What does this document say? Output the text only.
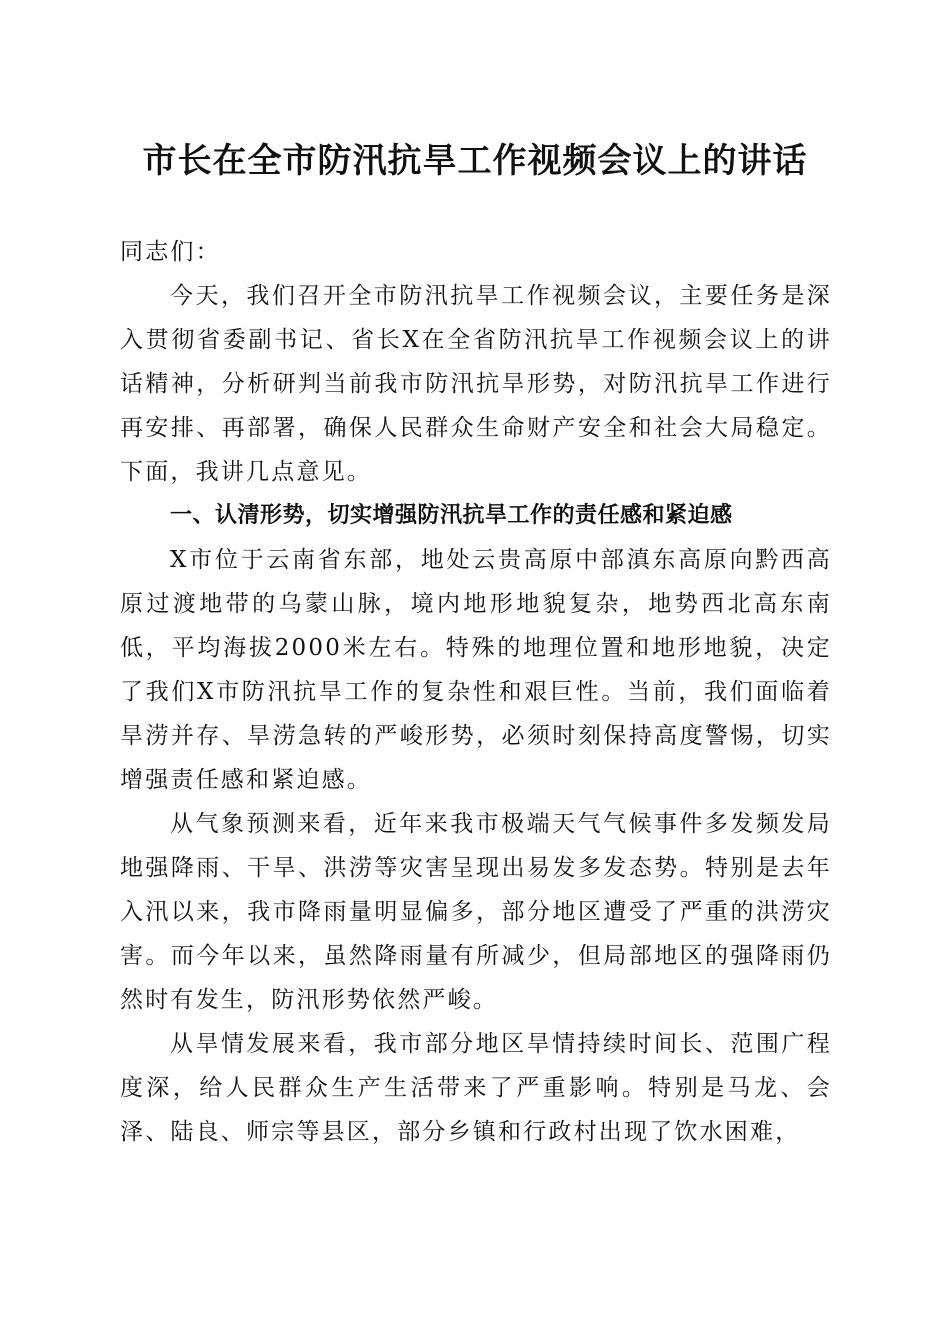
市长在全市防汛抗旱工作视频会议上的讲话

同志们：

今天，我们召开全市防汛抗旱工作视频会议，主要任务是深入贯彻省委副书记、省长X在全省防汛抗旱工作视频会议上的讲话精神，分析研判当前我市防汛抗旱形势，对防汛抗旱工作进行再安排、再部署，确保人民群众生命财产安全和社会大局稳定。下面，我讲几点意见。

一、认清形势，切实增强防汛抗旱工作的责任感和紧迫感

X市位于云南省东部，地处云贵高原中部滇东高原向黔西高原过渡地带的乌蒙山脉，境内地形地貌复杂，地势西北高东南低，平均海拔2000米左右。特殊的地理位置和地形地貌，决定了我们X市防汛抗旱工作的复杂性和艰巨性。当前，我们面临着旱涝并存、旱涝急转的严峻形势，必须时刻保持高度警惕，切实增强责任感和紧迫感。

从气象预测来看，近年来我市极端天气气候事件多发频发局地强降雨、干旱、洪涝等灾害呈现出易发多发态势。特别是去年入汛以来，我市降雨量明显偏多，部分地区遭受了严重的洪涝灾害。而今年以来，虽然降雨量有所减少，但局部地区的强降雨仍然时有发生，防汛形势依然严峻。

从旱情发展来看，我市部分地区旱情持续时间长、范围广程度深，给人民群众生产生活带来了严重影响。特别是马龙、会泽、陆良、师宗等县区，部分乡镇和行政村出现了饮水困难，
